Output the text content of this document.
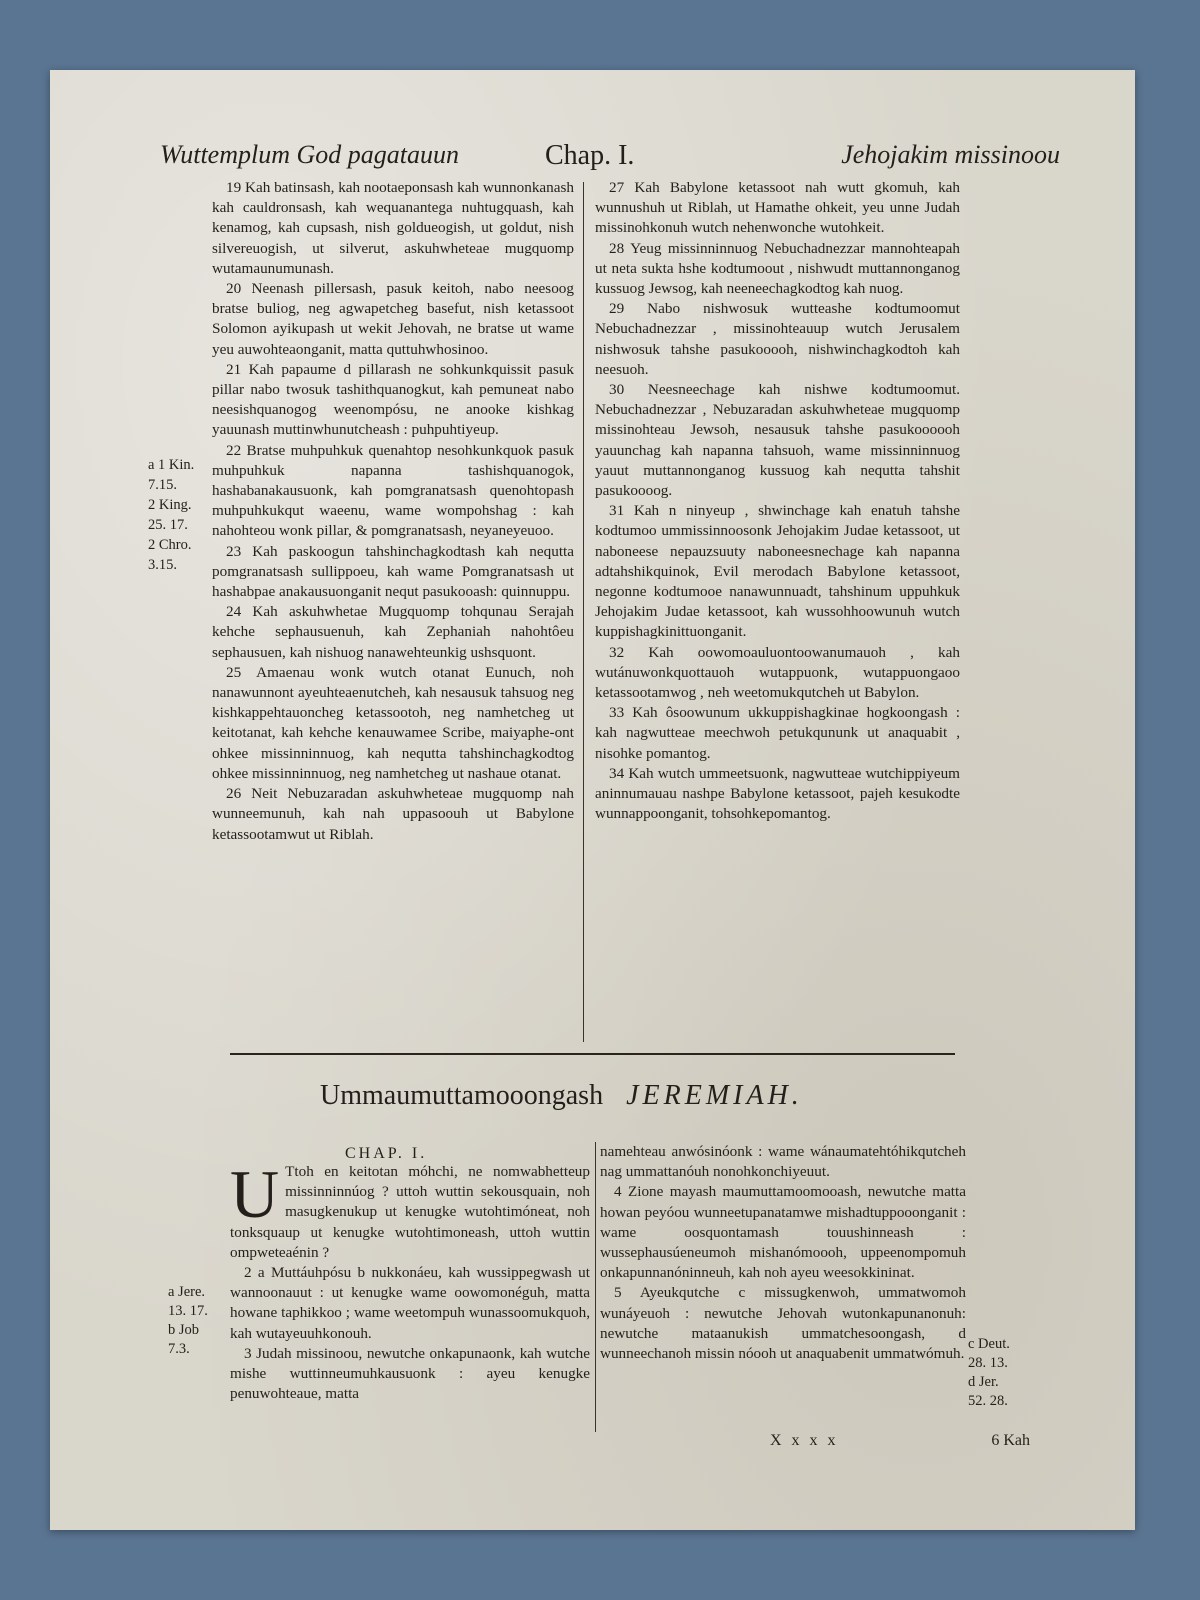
Wuttemplum God pagatauun	Chap. I.	Jehojakim missinoou
a 1 Kin.
7.15.
2 King.
25. 17.
2 Chro.
3.15.

19 Kah batinsash, kah nootaeponsash kah wunnonkanash kah cauldronsash, kah wequanantega nuhtugquash, kah kenamog, kah cupsash, nish goldueogish, ut goldut, nish silvereuogish, ut silverut, askuhwheteae mugquomp wutamaunumunash.

20 Neenash pillersash, pasuk keitoh, nabo neesoog bratse buliog, neg agwapetcheg basefut, nish ketassoot Solomon ayikupash ut wekit Jehovah, ne bratse ut wame yeu auwohteaonganit, matta quttuhwhosinoo.

21 Kah papaume d pillarash ne sohkunkquissit pasuk pillar nabo twosuk tashithquanogkut, kah pemuneat nabo neesishquanogog weenompósu, ne anooke kishkag yauunash muttinwhunutcheash : puhpuhtiyeup.

22 Bratse muhpuhkuk quenahtop nesohkunkquok pasuk muhpuhkuk napanna tashishquanogok, hashabanakausuonk, kah pomgranatsash quenohtopash muhpuhkukqut waeenu, wame wompohshag : kah nahohteou wonk pillar, & pomgranatsash, neyaneyeuoo.

23 Kah paskoogun tahshinchagkodtash kah nequtta pomgranatsash sullippoeu, kah wame Pomgranatsash ut hashabpae anakausuonganit nequt pasukooash: quinnuppu.

24 Kah askuhwhetae Mugquomp tohqunau Serajah kehche sephausuenuh, kah Zephaniah nahohtôeu sephausuen, kah nishuog nanawehteunkig ushsquont.

25 Amaenau wonk wutch otanat Eunuch, noh nanawunnont ayeuhteaenutcheh, kah nesausuk tahsuog neg kishkappehtauoncheg ketassootoh, neg namhetcheg ut keitotanat, kah kehche kenauwamee Scribe, maiyaphe-ont ohkee missinninnuog, kah nequtta tahshinchagkodtog ohkee missinninnuog, neg namhetcheg ut nashaue otanat.

26 Neit Nebuzaradan askuhwheteae mugquomp nah wunneemunuh, kah nah uppasoouh ut Babylone ketassootamwut ut Riblah.

27 Kah Babylone ketassoot nah wutt gkomuh, kah wunnushuh ut Riblah, ut Hamathe ohkeit, yeu unne Judah missinohkonuh wutch nehenwonche wutohkeit.

28 Yeug missinninnuog Nebuchadnezzar mannohteapah ut neta sukta hshe kodtumoout , nishwudt muttannonganog kussuog Jewsog, kah neeneechagkodtog kah nuog.

29 Nabo nishwosuk wutteashe kodtumoomut Nebuchadnezzar , missinohteauup wutch Jerusalem nishwosuk tahshe pasukooooh, nishwinchagkodtoh kah neesuoh.

30 Neesneechage kah nishwe kodtumoomut. Nebuchadnezzar , Nebuzaradan askuhwheteae mugquomp missinohteau Jewsoh, nesausuk tahshe pasukoooooh yauunchag kah napanna tahsuoh, wame missinninnuog yauut muttannonganog kussuog kah nequtta tahshit pasukoooog.

31 Kah n ninyeup , shwinchage kah enatuh tahshe kodtumoo ummissinnoosonk Jehojakim Judae ketassoot, ut naboneese nepauzsuuty naboneesnechage kah napanna adtahshikquinok, Evil merodach Babylone ketassoot, negonne kodtumooe nanawunnuadt, tahshinum uppuhkuk Jehojakim Judae ketassoot, kah wussohhoowunuh wutch kuppishagkinittuonganit.

32 Kah oowomoauluontoowanumauoh , kah wutánuwonkquottauoh wutappuonk, wutappuongaoo ketassootamwog , neh weetomukqutcheh ut Babylon.

33 Kah ôsoowunum ukkuppishagkinae hogkoongash : kah nagwutteae meechwoh petukqununk ut anaquabit , nisohke pomantog.

34 Kah wutch ummeetsuonk, nagwutteae wutchippiyeum aninnumauau nashpe Babylone ketassoot, pajeh kesukodte wunnappoonganit, tohsohkepomantog.

Ummaumuttamooongash JEREMIAH.
CHAP. I.
a Jere.
13. 17.
b Job
7.3.

U Ttoh en keitotan móhchi, ne nomwabhetteup missinninnúog ? uttoh wuttin sekousquain, noh masugkenukup ut kenugke wutohtimóneat, noh tonksquaup ut kenugke wutohtimoneash, uttoh wuttin ompweteaénin ?

2 a Muttáuhpósu b nukkonáeu, kah wussippegwash ut wannoonauut : ut kenugke wame oowomonéguh, matta howane taphikkoo ; wame weetompuh wunassoomukquoh, kah wutayeuuhkonouh.

3 Judah missinoou, newutche onkapunaonk, kah wutche mishe wuttinneumuhkausuonk : ayeu kenugke penuwohteaue, matta

namehteau anwósinóonk : wame wánaumatehtóhikqutcheh nag ummattanóuh nonohkonchiyeuut.

4 Zione mayash maumuttamoomooash, newutche matta howan peyóou wunneetupanatamwe mishadtuppooonganit : wame oosquontamash touushinneash : wussephausúeneumoh mishanómoooh, uppeenompomuh onkapunnanóninneuh, kah noh ayeu weesokkininat.

5 Ayeukqutche c missugkenwoh, ummatwomoh wunáyeuoh : newutche Jehovah wutonkapunanonuh: newutche mataanukish ummatchesoongash, d wunneechanoh missin nóooh ut anaquabenit ummatwómuh.

c Deut.
28. 13.
d Jer.
52. 28.
X x x x	6 Kah
